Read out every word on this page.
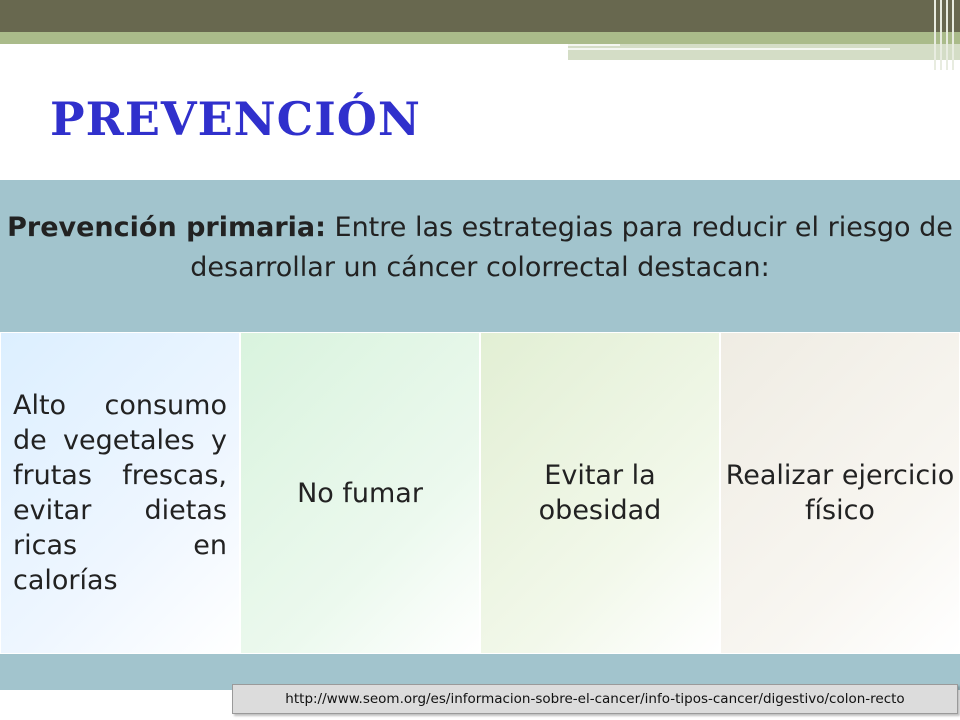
PREVENCIÓN
Prevención primaria: Entre las estrategias para reducir el riesgo de desarrollar un cáncer colorrectal destacan:
Alto consumo de vegetales y frutas frescas, evitar dietas ricas en calorías
No fumar
Evitar la obesidad
Realizar ejercicio físico
http://www.seom.org/es/informacion-sobre-el-cancer/info-tipos-cancer/digestivo/colon-recto
